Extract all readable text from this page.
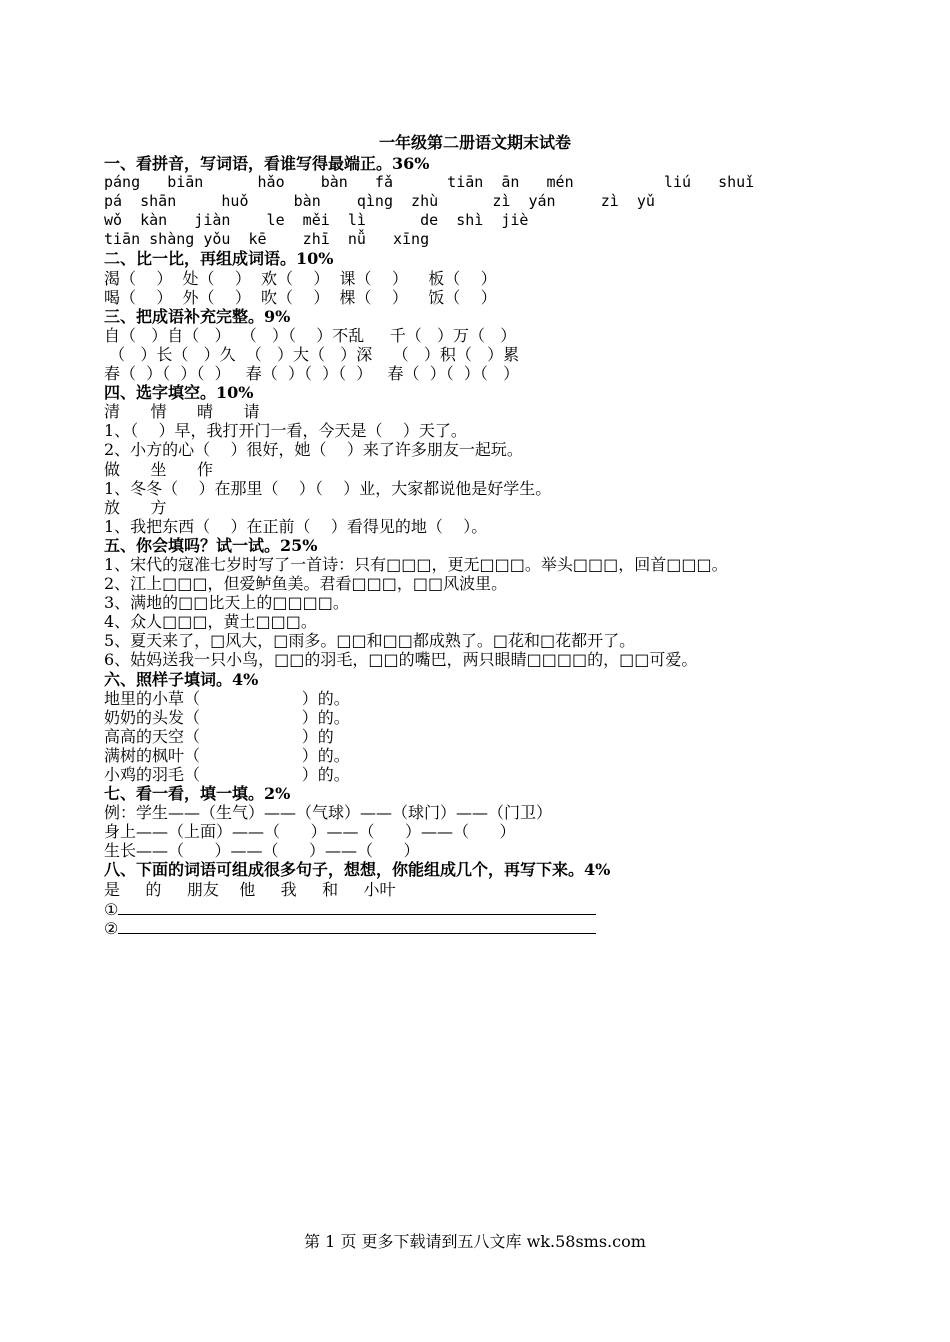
一年级第二册语文期末试卷
一、看拼音，写词语，看谁写得最端正。36%
páng   biān      hǎo    bàn   fǎ      tiān  ān   mén          liú   shuǐ
pá  shān     huǒ     bàn    qìng  zhù      zì  yán     zì  yǔ
wǒ  kàn   jiàn    le  měi  lì      de  shì  jiè
tiān shàng yǒu  kē    zhī  nǚ   xīng
二、比一比，再组成词语。10%
渴（    ）  处（    ）  欢（    ）  课（    ）    板（    ）
喝（    ）  外（    ）  吹（    ）  棵（    ）    饭（    ）
三、把成语补充完整。9%
自（   ）自（   ）  （   ）（    ）不乱     千（   ）万（   ）
（   ）长（   ）久  （   ）大（   ）深    （   ）积（   ）累
春（  ）（  ）（  ）   春（  ）（  ）（  ）   春（  ）（  ）（   ）
四、选字填空。10%
清      情      晴      请
1、（    ）早，我打开门一看，今天是（    ）天了。
2、小方的心（    ）很好，她（    ）来了许多朋友一起玩。
做      坐      作
1、冬冬（    ）在那里（    ）（    ）业，大家都说他是好学生。
放      方
1、我把东西（    ）在正前（    ）看得见的地（    ）。
五、你会填吗？试一试。25%
1、宋代的寇准七岁时写了一首诗：只有□□□，更无□□□。举头□□□，回首□□□。
2、江上□□□，但爱鲈鱼美。君看□□□，□□风波里。
3、满地的□□比天上的□□□□。
4、众人□□□，黄土□□□。
5、夏天来了，□风大，□雨多。□□和□□都成熟了。□花和□花都开了。
6、姑妈送我一只小鸟，□□的羽毛，□□的嘴巴，两只眼睛□□□□的，□□可爱。
六、照样子填词。4%
地里的小草（                    ）的。
奶奶的头发（                    ）的。
高高的天空（                    ）的
满树的枫叶（                    ）的。
小鸡的羽毛（                    ）的。
七、看一看，填一填。2%
例：学生——（生气）——（气球）——（球门）——（门卫）
身上——（上面）——（      ）——（      ）——（      ）
生长——（      ）——（      ）——（      ）
八、下面的词语可组成很多句子，想想，你能组成几个，再写下来。4%
是     的     朋友    他     我     和     小叶
①
②
第 1 页 更多下载请到五八文库 wk.58sms.com
